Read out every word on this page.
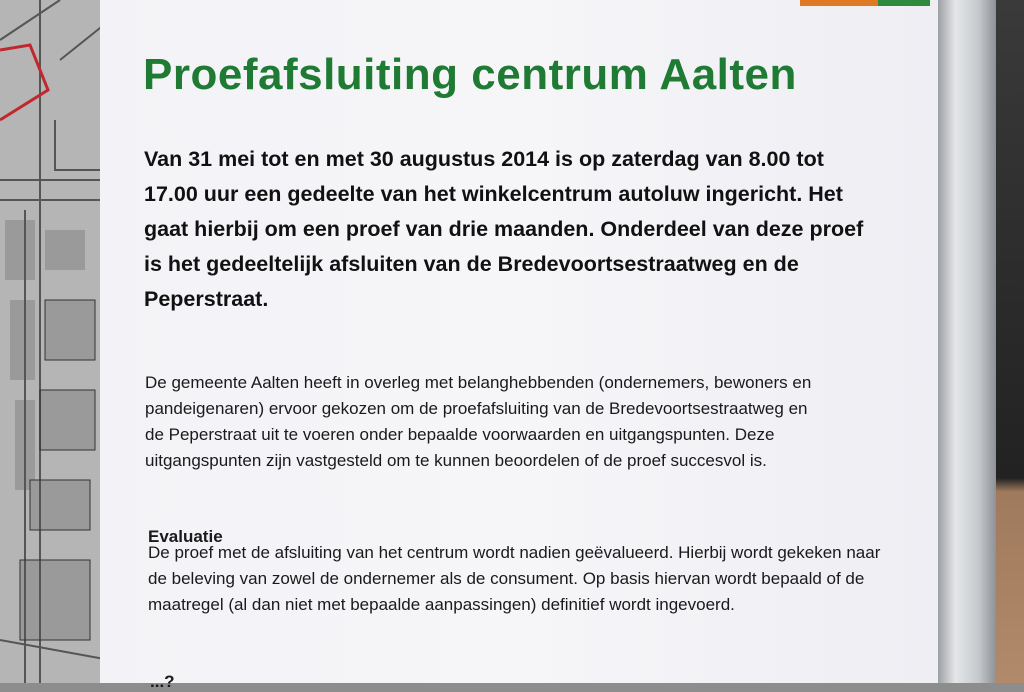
Proefafsluiting centrum Aalten

Van 31 mei tot en met 30 augustus 2014 is op zaterdag van 8.00 tot 17.00 uur een gedeelte van het winkelcentrum autoluw ingericht. Het gaat hierbij om een proef van drie maanden. Onderdeel van deze proef is het gedeeltelijk afsluiten van de Bredevoortsestraatweg en de Peperstraat.

De gemeente Aalten heeft in overleg met belanghebbenden (ondernemers, bewoners en pandeigenaren) ervoor gekozen om de proefafsluiting van de Bredevoortsestraatweg en de Peperstraat uit te voeren onder bepaalde voorwaarden en uitgangspunten. Deze uitgangspunten zijn vastgesteld om te kunnen beoordelen of de proef succesvol is.

Evaluatie

De proef met de afsluiting van het centrum wordt nadien geëvalueerd. Hierbij wordt gekeken naar de beleving van zowel de ondernemer als de consument. Op basis hiervan wordt bepaald of de maatregel (al dan niet met bepaalde aanpassingen) definitief wordt ingevoerd.

...?
